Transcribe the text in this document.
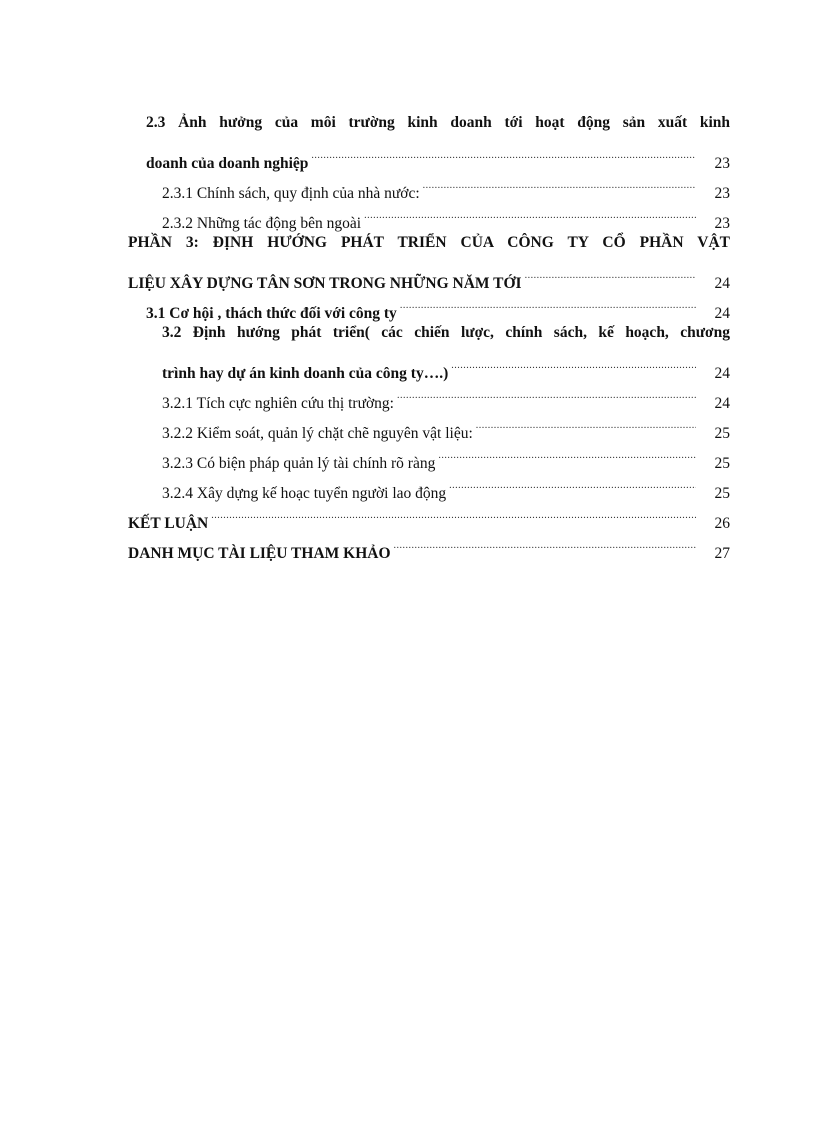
2.3 Ảnh hưởng của môi trường kinh doanh tới hoạt động sản xuất kinh
doanh của doanh nghiệp .....	23
2.3.1 Chính sách, quy định của nhà nước: .....	23
2.3.2 Những tác động bên ngoài .....	23
PHẦN 3: ĐỊNH HƯỚNG PHÁT TRIỂN CỦA CÔNG TY CỔ PHẦN VẬT
LIỆU XÂY DỰNG TÂN SƠN TRONG NHỮNG NĂM TỚI .....	24
3.1 Cơ hội , thách thức đối với công ty .....	24
3.2 Định hướng phát triển( các chiến lược, chính sách, kế hoạch, chương
trình hay dự án kinh doanh của công ty….) .....	24
3.2.1 Tích cực nghiên cứu thị trường: .....	24
3.2.2 Kiểm soát, quản lý chặt chẽ nguyên vật liệu: .....	25
3.2.3 Có biện pháp quản lý tài chính rõ ràng .....	25
3.2.4 Xây dựng kế hoạc tuyển người lao động .....	25
KẾT LUẬN .....	26
DANH MỤC TÀI LIỆU THAM KHẢO .....	27
